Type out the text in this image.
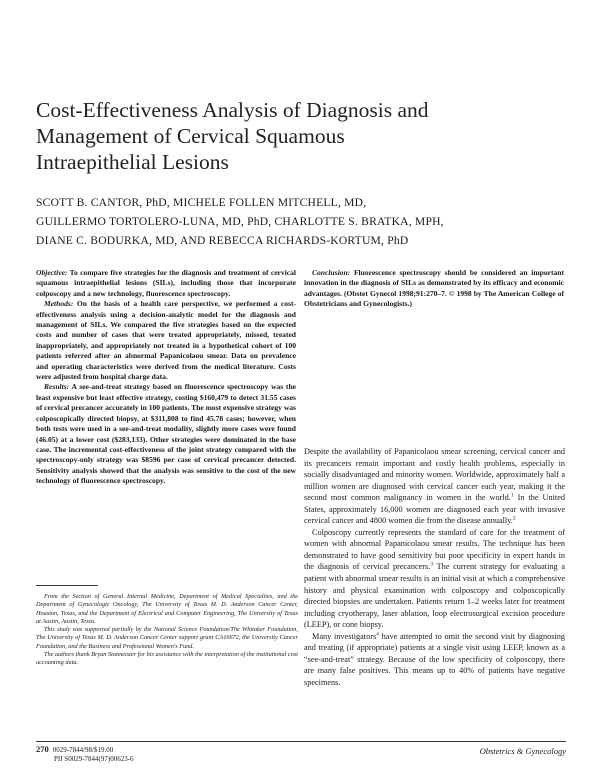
Cost-Effectiveness Analysis of Diagnosis and
Management of Cervical Squamous
Intraepithelial Lesions
SCOTT B. CANTOR, PhD, MICHELE FOLLEN MITCHELL, MD,
GUILLERMO TORTOLERO-LUNA, MD, PhD, CHARLOTTE S. BRATKA, MPH,
DIANE C. BODURKA, MD, AND REBECCA RICHARDS-KORTUM, PhD

Objective: To compare five strategies for the diagnosis and treatment of cervical squamous intraepithelial lesions (SILs), including those that incorporate colposcopy and a new technology, fluorescence spectroscopy.

Methods: On the basis of a health care perspective, we performed a cost-effectiveness analysis using a decision-analytic model for the diagnosis and management of SILs. We compared the five strategies based on the expected costs and number of cases that were treated appropriately, missed, treated inappropriately, and appropriately not treated in a hypothetical cohort of 100 patients referred after an abnormal Papanicolaou smear. Data on prevalence and operating characteristics were derived from the medical literature. Costs were adjusted from hospital charge data.

Results: A see-and-treat strategy based on fluorescence spectroscopy was the least expensive but least effective strategy, costing $160,479 to detect 31.55 cases of cervical precancer accurately in 100 patients. The most expensive strategy was colposcopically directed biopsy, at $311,808 to find 45.78 cases; however, when both tests were used in a see-and-treat modality, slightly more cases were found (46.05) at a lower cost ($283,133). Other strategies were dominated in the base case. The incremental cost-effectiveness of the joint strategy compared with the spectroscopy-only strategy was $8596 per case of cervical precancer detected. Sensitivity analysis showed that the analysis was sensitive to the cost of the new technology of fluorescence spectroscopy.

Conclusion: Fluorescence spectroscopy should be considered an important innovation in the diagnosis of SILs as demonstrated by its efficacy and economic advantages. (Obstet Gynecol 1998;91:270–7. © 1998 by The American College of Obstetricians and Gynecologists.)

Despite the availability of Papanicolaou smear screening, cervical cancer and its precancers remain important and costly health problems, especially in socially disadvantaged and minority women. Worldwide, approximately half a million women are diagnosed with cervical cancer each year, making it the second most common malignancy in women in the world.$^1$ In the United States, approximately 16,000 women are diagnosed each year with invasive cervical cancer and 4800 women die from the disease annually.$^2$

Colposcopy currently represents the standard of care for the treatment of women with abnormal Papanicolaou smear results. The technique has been demonstrated to have good sensitivity but poor specificity in expert hands in the diagnosis of cervical precancers.$^3$ The current strategy for evaluating a patient with abnormal smear results is an initial visit at which a comprehensive history and physical examination with colposcopy and colposcopically directed biopsies are undertaken. Patients return 1–2 weeks later for treatment including cryotherapy, laser ablation, loop electrosurgical excision procedure (LEEP), or cone biopsy.

Many investigators$^4$ have attempted to omit the second visit by diagnosing and treating (if appropriate) patients at a single visit using LEEP, known as a “see-and-treat” strategy. Because of the low specificity of colposcopy, there are many false positives. This means up to 40% of patients have negative specimens.

From the Section of General Internal Medicine, Department of Medical Specialties, and the Department of Gynecologic Oncology, The University of Texas M. D. Anderson Cancer Center, Houston, Texas, and the Department of Electrical and Computer Engineering, The University of Texas at Austin, Austin, Texas.

This study was supported partially by the National Science Foundation/The Whitaker Foundation, The University of Texas M. D. Anderson Cancer Center support grant CA16672, the University Cancer Foundation, and the Business and Professional Women's Fund.

The authors thank Bryan Stotmeister for his assistance with the interpretation of the institutional cost accounting data.

270 0029-7844/98/$19.00
PII S0029-7844(97)00623-6
Obstetrics & Gynecology
